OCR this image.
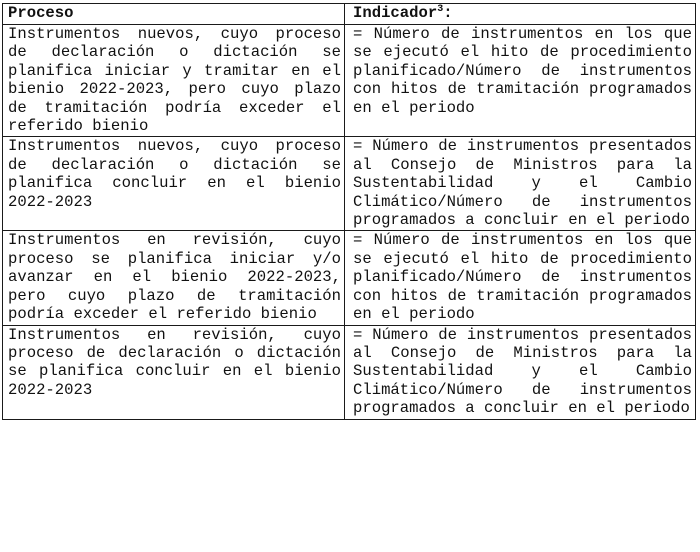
Proceso	Indicador$^3$:
Instrumentos nuevos, cuyo proceso de declaración o dictación se planifica iniciar y tramitar en el bienio 2022-2023, pero cuyo plazo de tramitación podría exceder el referido bienio	= Número de instrumentos en los que se ejecutó el hito de procedimiento planificado/Número de instrumentos con hitos de tramitación programados en el periodo
Instrumentos nuevos, cuyo proceso de declaración o dictación se planifica concluir en el bienio 2022-2023	= Número de instrumentos presentados al Consejo de Ministros para la Sustentabilidad y el Cambio Climático/Número de instrumentos programados a concluir en el periodo
Instrumentos en revisión, cuyo proceso se planifica iniciar y/o avanzar en el bienio 2022-2023, pero cuyo plazo de tramitación podría exceder el referido bienio	= Número de instrumentos en los que se ejecutó el hito de procedimiento planificado/Número de instrumentos con hitos de tramitación programados en el periodo
Instrumentos en revisión, cuyo proceso de declaración o dictación se planifica concluir en el bienio 2022-2023	= Número de instrumentos presentados al Consejo de Ministros para la Sustentabilidad y el Cambio Climático/Número de instrumentos programados a concluir en el periodo
